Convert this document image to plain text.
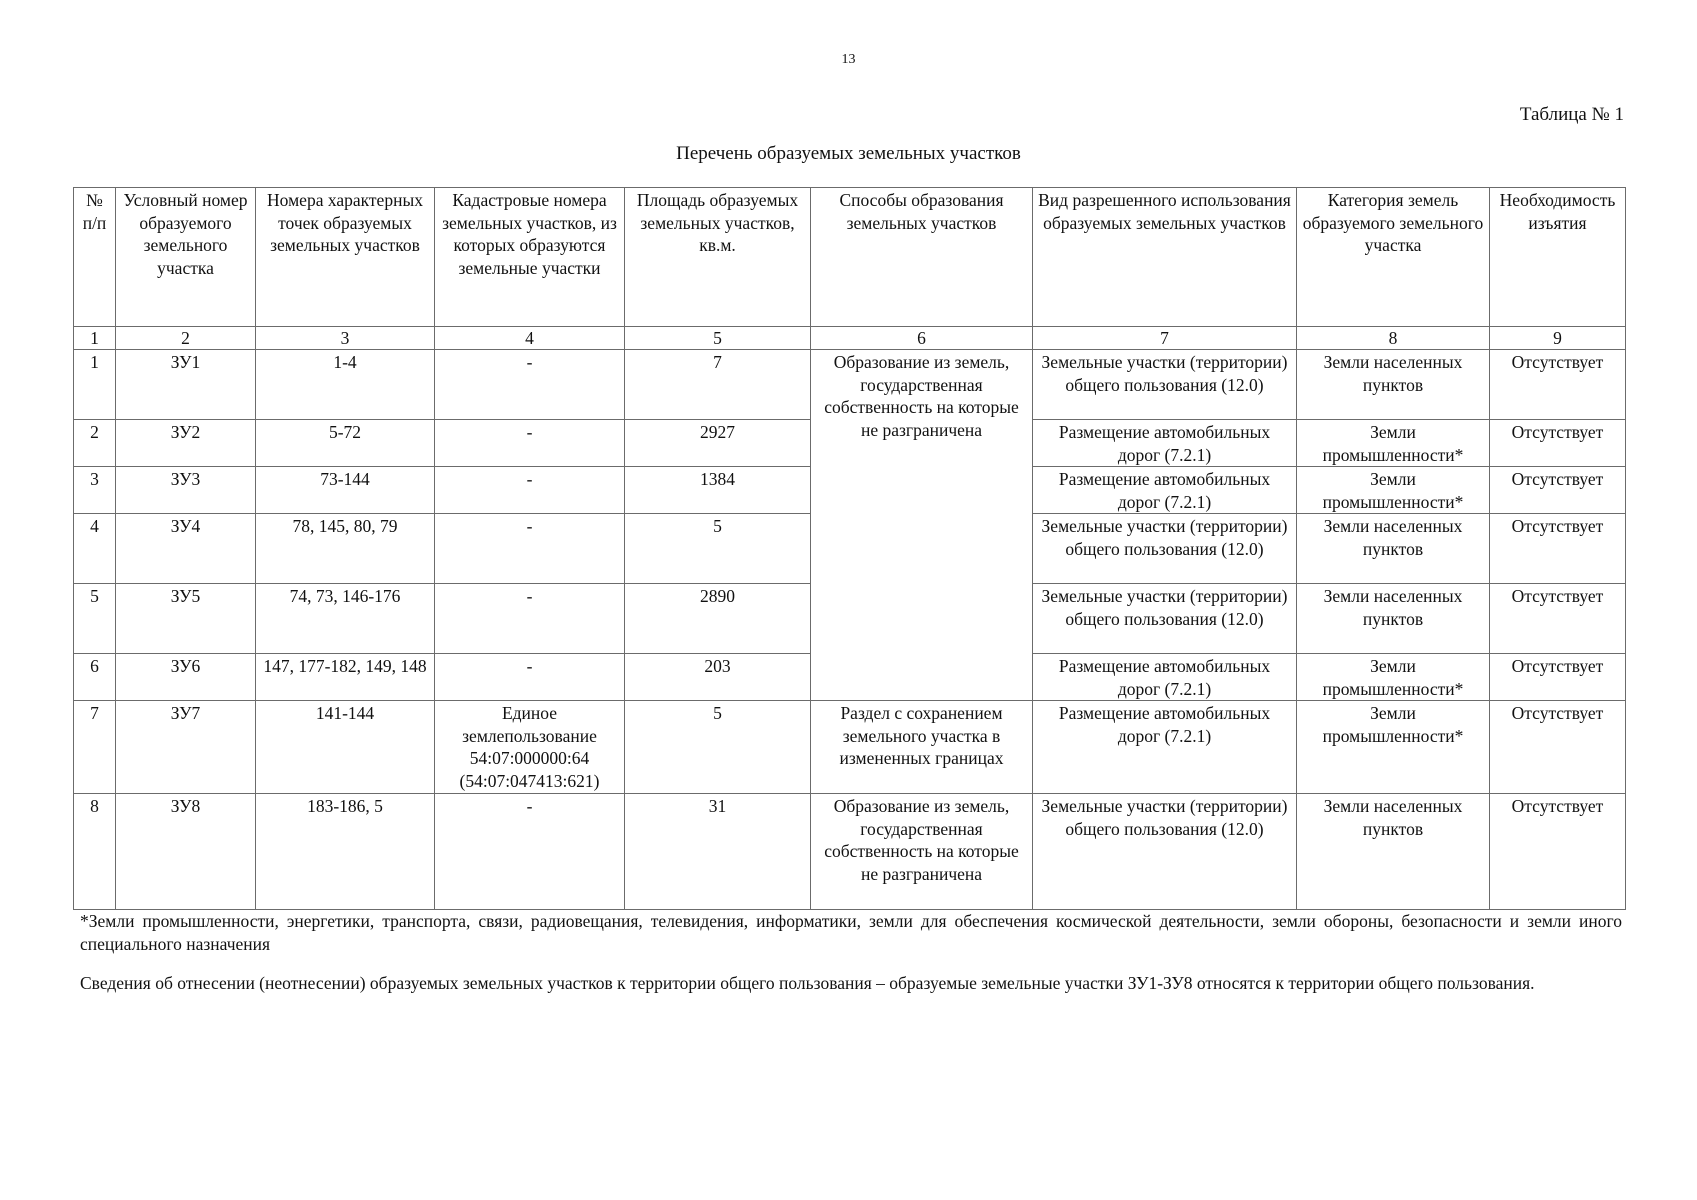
13
Таблица № 1
Перечень образуемых земельных участков
№ п/п	Условный номер образуемого земельного участка	Номера характерных точек образуемых земельных участков	Кадастровые номера земельных участков, из которых образуются земельные участки	Площадь образуемых земельных участков, кв.м.	Способы образования земельных участков	Вид разрешенного использования образуемых земельных участков	Категория земель образуемого земельного участка	Необходимость изъятия
1	2	3	4	5	6	7	8	9
1	ЗУ1	1-4	-	7	Образование из земель, государственная собственность на которые не разграничена	Земельные участки (территории) общего пользования (12.0)	Земли населенных пунктов	Отсутствует
2	ЗУ2	5-72	-	2927		Размещение автомобильных дорог (7.2.1)	Земли промышленности*	Отсутствует
3	ЗУ3	73-144	-	1384		Размещение автомобильных дорог (7.2.1)	Земли промышленности*	Отсутствует
4	ЗУ4	78, 145, 80, 79	-	5		Земельные участки (территории) общего пользования (12.0)	Земли населенных пунктов	Отсутствует
5	ЗУ5	74, 73, 146-176	-	2890		Земельные участки (территории) общего пользования (12.0)	Земли населенных пунктов	Отсутствует
6	ЗУ6	147, 177-182, 149, 148	-	203		Размещение автомобильных дорог (7.2.1)	Земли промышленности*	Отсутствует
7	ЗУ7	141-144	Единое землепользование 54:07:000000:64 (54:07:047413:621)	5	Раздел с сохранением земельного участка в измененных границах	Размещение автомобильных дорог (7.2.1)	Земли промышленности*	Отсутствует
8	ЗУ8	183-186, 5	-	31	Образование из земель, государственная собственность на которые не разграничена	Земельные участки (территории) общего пользования (12.0)	Земли населенных пунктов	Отсутствует
*Земли промышленности, энергетики, транспорта, связи, радиовещания, телевидения, информатики, земли для обеспечения космической деятельности, земли обороны, безопасности и земли иного специального назначения
Сведения об отнесении (неотнесении) образуемых земельных участков к территории общего пользования – образуемые земельные участки ЗУ1-ЗУ8 относятся к территории общего пользования.
